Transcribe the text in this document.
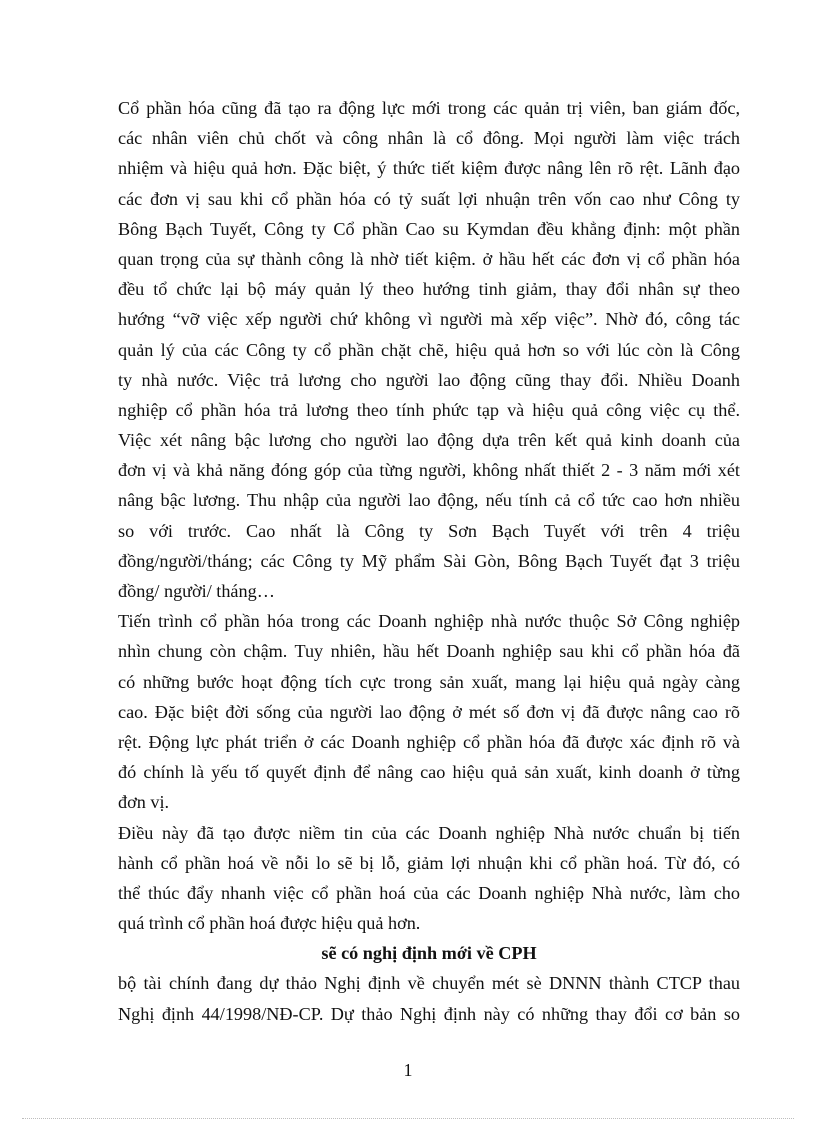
Cổ phần hóa cũng đã tạo ra động lực mới trong các quản trị viên, ban giám đốc,
các nhân viên chủ chốt và công nhân là cổ đông. Mọi người làm việc trách
nhiệm và hiệu quả hơn. Đặc biệt, ý thức tiết kiệm được nâng lên rõ rệt. Lãnh đạo
các đơn vị sau khi cổ phần hóa có tỷ suất lợi nhuận trên vốn cao như Công ty
Bông Bạch Tuyết, Công ty Cổ phần Cao su Kymdan đều khẳng định: một phần
quan trọng của sự thành công là nhờ tiết kiệm. ở hầu hết các đơn vị cổ phần hóa
đều tổ chức lại bộ máy quản lý theo hướng tinh giảm, thay đổi nhân sự theo
hướng “vỡ việc xếp người chứ không vì người mà xếp việc”. Nhờ đó, công tác
quản lý của các Công ty cổ phần chặt chẽ, hiệu quả hơn so với lúc còn là Công
ty nhà nước. Việc trả lương cho người lao động cũng thay đổi. Nhiều Doanh
nghiệp cổ phần hóa trả lương theo tính phức tạp và hiệu quả công việc cụ thể.
Việc xét nâng bậc lương cho người lao động dựa trên kết quả kinh doanh của
đơn vị và khả năng đóng góp của từng người, không nhất thiết 2 - 3 năm mới xét
nâng bậc lương. Thu nhập của người lao động, nếu tính cả cổ tức cao hơn nhiều
so với trước. Cao nhất là Công ty Sơn Bạch Tuyết với trên 4 triệu
đồng/người/tháng; các Công ty Mỹ phẩm Sài Gòn, Bông Bạch Tuyết đạt 3 triệu
đồng/ người/ tháng…
Tiến trình cổ phần hóa trong các Doanh nghiệp nhà nước thuộc Sở Công nghiệp
nhìn chung còn chậm. Tuy nhiên, hầu hết Doanh nghiệp sau khi cổ phần hóa đã
có những bước hoạt động tích cực trong sản xuất, mang lại hiệu quả ngày càng
cao. Đặc biệt đời sống của người lao động ở mét số đơn vị đã được nâng cao rõ
rệt. Động lực phát triển ở các Doanh nghiệp cổ phần hóa đã được xác định rõ và
đó chính là yếu tố quyết định để nâng cao hiệu quả sản xuất, kinh doanh ở từng
đơn vị.
Điều này đã tạo được niềm tin của các Doanh nghiệp Nhà nước chuẩn bị tiến
hành cổ phần hoá về nỗi lo sẽ bị lỗ, giảm lợi nhuận khi cổ phần hoá. Từ đó, có
thể thúc đẩy nhanh việc cổ phần hoá của các Doanh nghiệp Nhà nước, làm cho
quá trình cổ phần hoá được hiệu quả hơn.
sẽ có nghị định mới về CPH
bộ tài chính đang dự thảo Nghị định về chuyển mét sè DNNN thành CTCP thau
Nghị định 44/1998/NĐ-CP. Dự thảo Nghị định này có những thay đổi cơ bản so
1
